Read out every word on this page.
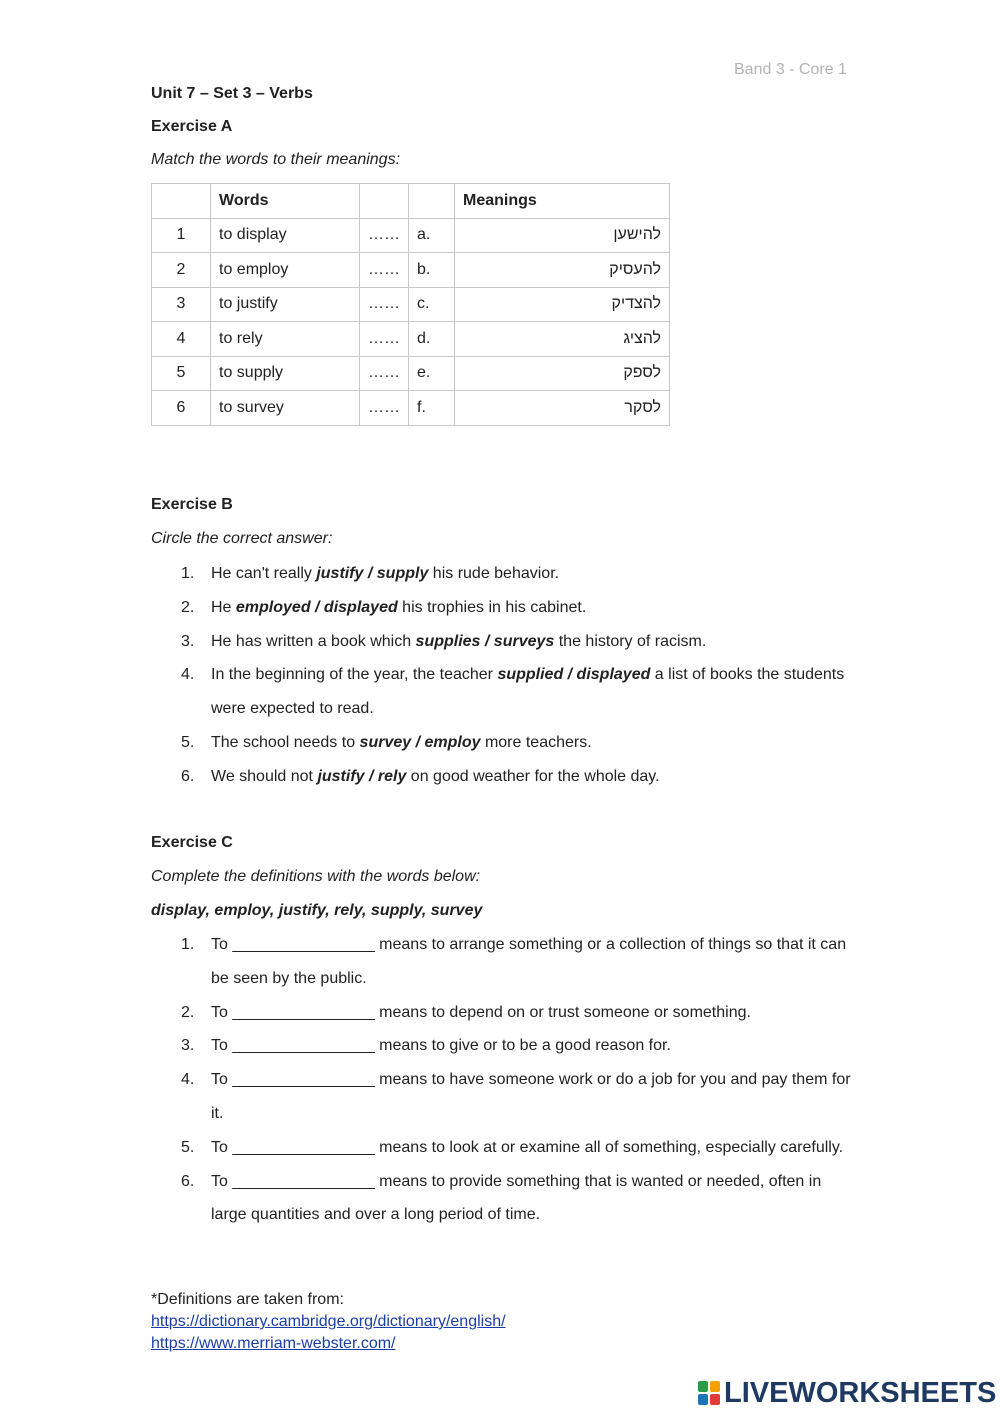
Band 3 - Core 1
Unit 7 – Set 3 – Verbs
Exercise A
Match the words to their meanings:
	Words			Meanings
1	to display	……	a.	להישען
2	to employ	……	b.	להעסיק
3	to justify	……	c.	להצדיק
4	to rely	……	d.	להציג
5	to supply	……	e.	לספק
6	to survey	……	f.	לסקר
Exercise B
Circle the correct answer:
1. He can't really justify / supply his rude behavior.
2. He employed / displayed his trophies in his cabinet.
3. He has written a book which supplies / surveys the history of racism.
4. In the beginning of the year, the teacher supplied / displayed a list of books the students were expected to read.
5. The school needs to survey / employ more teachers.
6. We should not justify / rely on good weather for the whole day.
Exercise C
Complete the definitions with the words below:
display, employ, justify, rely, supply, survey
1. To ________________ means to arrange something or a collection of things so that it can be seen by the public.
2. To ________________ means to depend on or trust someone or something.
3. To ________________ means to give or to be a good reason for.
4. To ________________ means to have someone work or do a job for you and pay them for it.
5. To ________________ means to look at or examine all of something, especially carefully.
6. To ________________ means to provide something that is wanted or needed, often in large quantities and over a long period of time.
*Definitions are taken from:
https://dictionary.cambridge.org/dictionary/english/
https://www.merriam-webster.com/
LIVEWORKSHEETS
